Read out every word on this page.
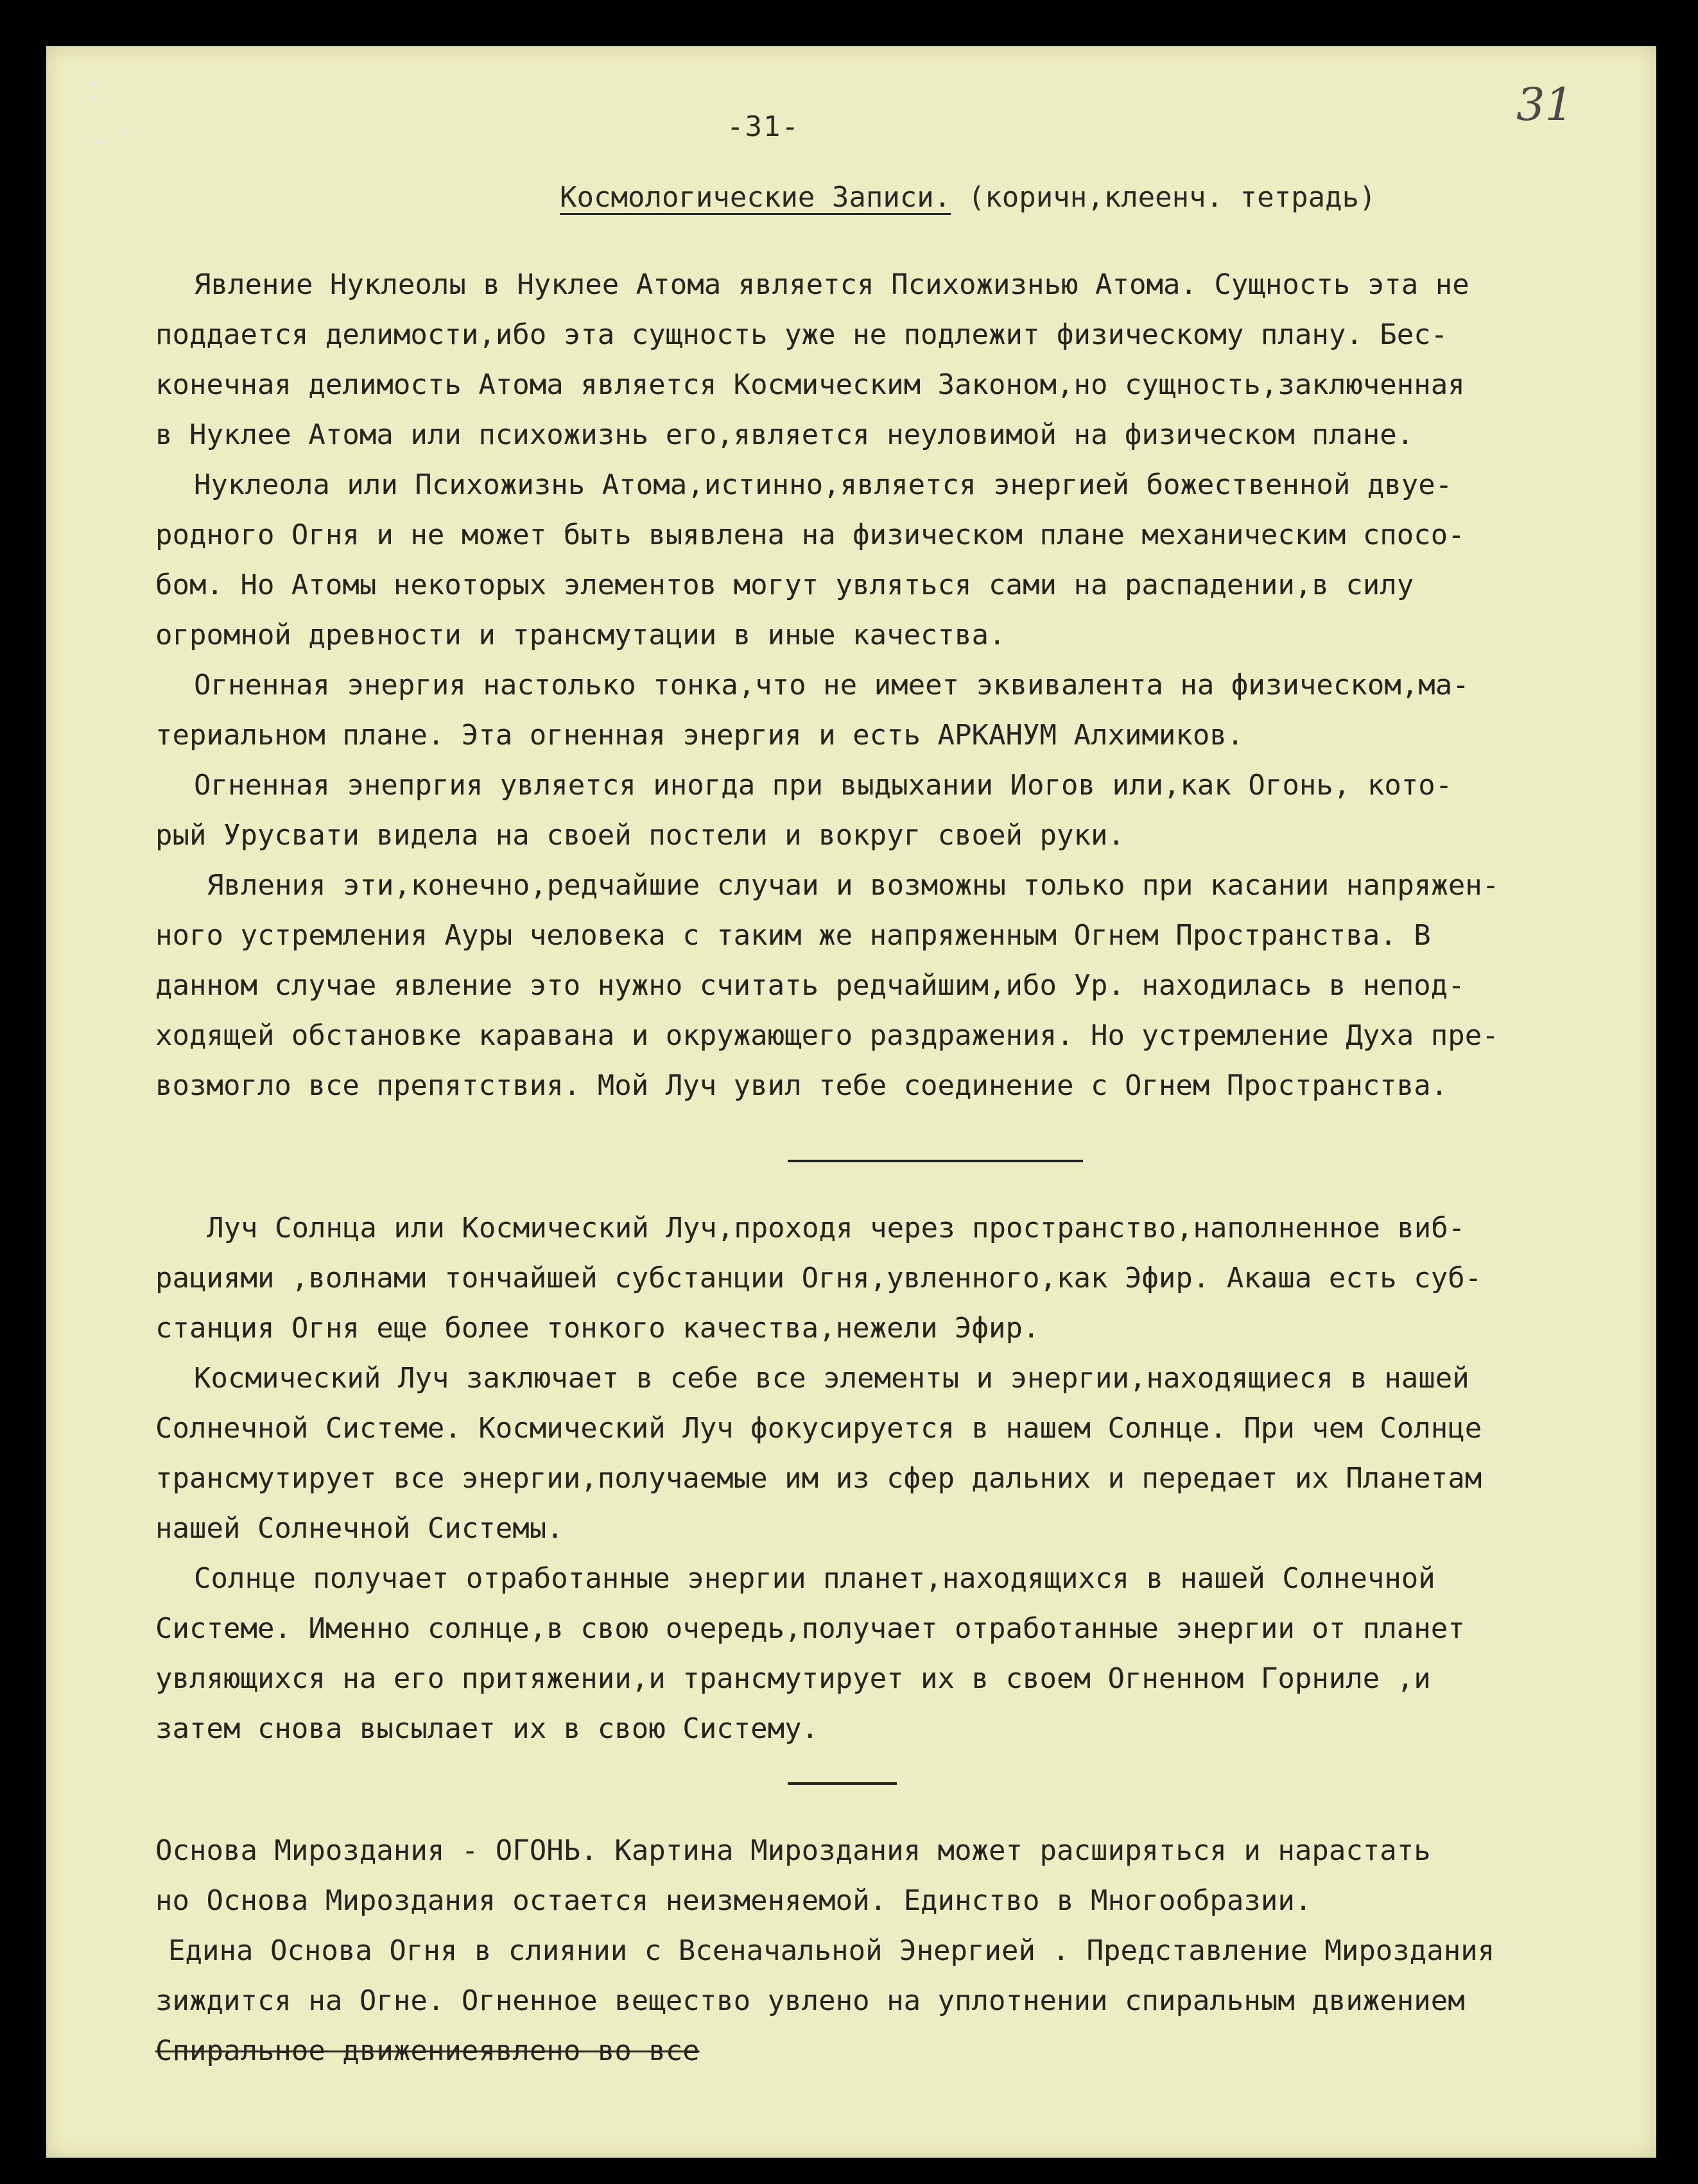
-31-	31
Космологические Записи. (коричн,клеенч. тетрадь)
Явление Нуклеолы в Нуклее Атома является Психожизнью Атома. Сущность эта не
поддается делимости,ибо эта сущность уже не подлежит физическому плану. Бес-
конечная делимость Атома является Космическим Законом,но сущность,заключенная
в Нуклее Атома или психожизнь его,является неуловимой на физическом плане.
Нуклеола или Психожизнь Атома,истинно,является энергией божественной двуе-
родного Огня и не может быть выявлена на физическом плане механическим спосо-
бом. Но Атомы некоторых элементов могут увляться сами на распадении,в силу
огромной древности и трансмутации в иные качества.
Огненная энергия настолько тонка,что не имеет эквивалента на физическом,ма-
териальном плане. Эта огненная энергия и есть АРКАНУМ Алхимиков.
Огненная энепргия увляется иногда при выдыхании Иогов или,как Огонь, кото-
рый Урусвати видела на своей постели и вокруг своей руки.
Явления эти,конечно,редчайшие случаи и возможны только при касании напряжен-
ного устремления Ауры человека с таким же напряженным Огнем Пространства. В
данном случае явление это нужно считать редчайшим,ибо Ур. находилась в непод-
ходящей обстановке каравана и окружающего раздражения. Но устремление Духа пре-
возмогло все препятствия. Мой Луч увил тебе соединение с Огнем Пространства.
Луч Солнца или Космический Луч,проходя через пространство,наполненное виб-
рациями ,волнами тончайшей субстанции Огня,увленного,как Эфир. Акаша есть суб-
станция Огня еще более тонкого качества,нежели Эфир.
Космический Луч заключает в себе все элементы и энергии,находящиеся в нашей
Солнечной Системе. Космический Луч фокусируется в нашем Солнце. При чем Солнце
трансмутирует все энергии,получаемые им из сфер дальних и передает их Планетам
нашей Солнечной Системы.
Солнце получает отработанные энергии планет,находящихся в нашей Солнечной
Системе. Именно солнце,в свою очередь,получает отработанные энергии от планет
увляющихся на его притяжении,и трансмутирует их в своем Огненном Горниле ,и
затем снова высылает их в свою Систему.
Основа Мироздания - ОГОНЬ. Картина Мироздания может расширяться и нарастать
но Основа Мироздания остается неизменяемой. Единство в Многообразии.
Едина Основа Огня в слиянии с Всеначальной Энергией . Представление Мироздания
зиждится на Огне. Огненное вещество увлено на уплотнении спиральным движением
Спиральное движениеявлено во все
